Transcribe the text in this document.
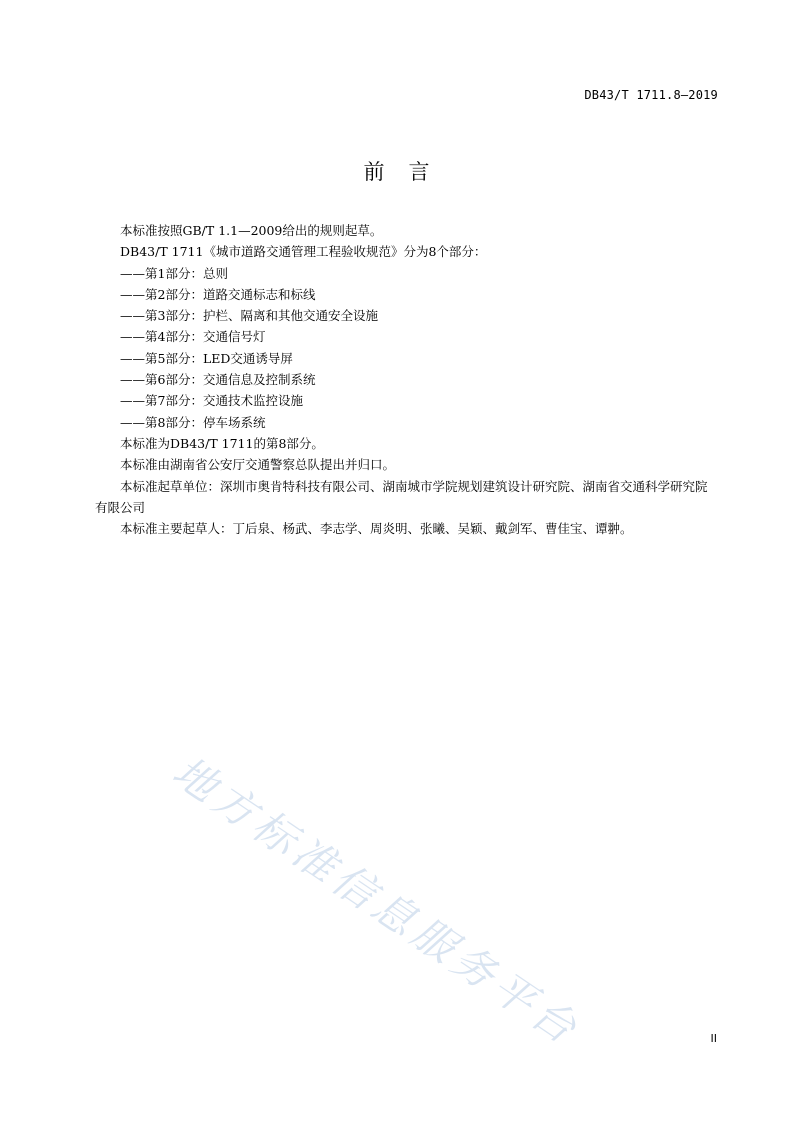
DB43/T 1711.8—2019
前言

本标准按照GB/T 1.1—2009给出的规则起草。

DB43/T 1711《城市道路交通管理工程验收规范》分为8个部分：

——第1部分：总则

——第2部分：道路交通标志和标线

——第3部分：护栏、隔离和其他交通安全设施

——第4部分：交通信号灯

——第5部分：LED交通诱导屏

——第6部分：交通信息及控制系统

——第7部分：交通技术监控设施

——第8部分：停车场系统

本标准为DB43/T 1711的第8部分。

本标准由湖南省公安厅交通警察总队提出并归口。

本标准起草单位：深圳市奥肯特科技有限公司、湖南城市学院规划建筑设计研究院、湖南省交通科学研究院有限公司

本标准主要起草人：丁后泉、杨武、李志学、周炎明、张曦、吴颖、戴剑军、曹佳宝、谭翀。

地方标准信息服务平台	II
